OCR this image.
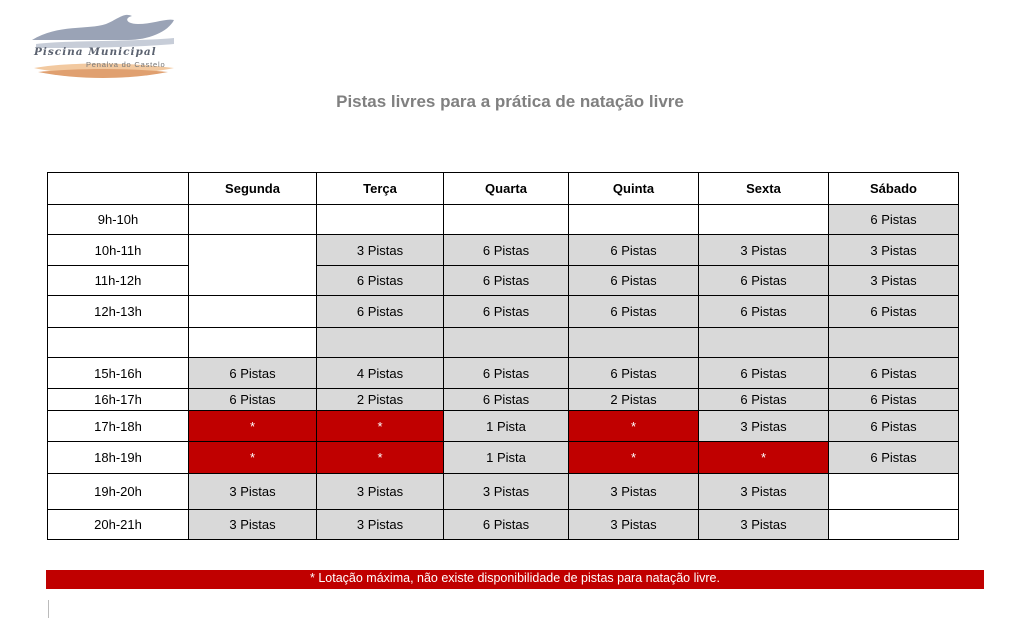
Piscina Municipal
Penalva do Castelo
Pistas livres para a prática de natação livre
	Segunda	Terça	Quarta	Quinta	Sexta	Sábado
9h-10h						6 Pistas
10h-11h		3 Pistas	6 Pistas	6 Pistas	3 Pistas	3 Pistas
11h-12h		6 Pistas	6 Pistas	6 Pistas	6 Pistas	3 Pistas
12h-13h		6 Pistas	6 Pistas	6 Pistas	6 Pistas	6 Pistas

15h-16h	6 Pistas	4 Pistas	6 Pistas	6 Pistas	6 Pistas	6 Pistas
16h-17h	6 Pistas	2 Pistas	6 Pistas	2 Pistas	6 Pistas	6 Pistas
17h-18h	*	*	1 Pista	*	3 Pistas	6 Pistas
18h-19h	*	*	1 Pista	*	*	6 Pistas
19h-20h	3 Pistas	3 Pistas	3 Pistas	3 Pistas	3 Pistas	
20h-21h	3 Pistas	3 Pistas	6 Pistas	3 Pistas	3 Pistas	
* Lotação máxima, não existe disponibilidade de pistas para natação livre.
